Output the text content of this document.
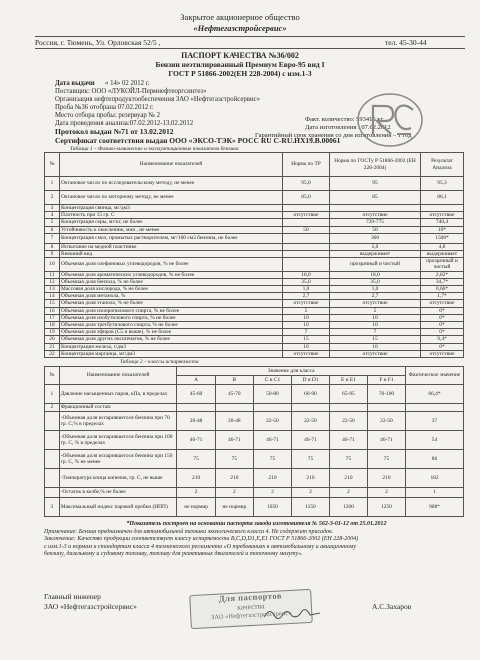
Закрытое акционерное общество
«Нефтегазстройсервис»
Россия, г. Тюмень, Ул. Орловская 52/5 ,	тел. 45-30-44
ПАСПОРТ КАЧЕСТВА №36/002
Бензин неэтилированный Премиум Евро-95 вид I
ГОСТ Р 51866-2002(ЕН 228-2004) с изм.1-3
Дата выдачи « 14» 02 2012 г.
Поставщик: ООО «ЛУКОЙЛ-Пермнефтеоргсинтез»
Организация нефтепродуктообеспечения ЗАО «Нефтегазстройсервис»
Проба №36 отобрана 07.02.2012 г.
Место отбора пробы: резервуар № 2
Дата проведения анализа:07.02.2012-13.02.2012
Протокол выдан №71 от 13.02.2012
Сертификат соответствия выдан ООО «ЭКСО-ТЭК» РОСС RU С-RU.НХ19.В.00061
Факт. количество: 593416 кг
Дата изготовления : 07.02.2012
Гарантийный срок хранения со дня изготовления – 1 год
Таблица 1 – Физико-химические и эксплуатационные показатели бензина
№	Наименование показателей	Норма по ТР	Норма по ГОСТу Р 51866-2002 (ЕН 228-2004)	Результат Анализа
1	Октановое число по исследовательскому методу, не менее	95,0	95	95,3
2	Октановое число по моторному методу, не менее	85,0	85	86,1
3	Концентрация свинца, мг/дм3			
4	Плотность при 15 гр. С	отсутствие	отсутствие	отсутствие
5	Концентрация серы, мг/кг, не более		720-775	740,4
6	Устойчивость к окислению, мин , не менее	50	50	10*
7	Концентрация смол, промытых растворителем, мг/100 см3 бензина, не более		360	1500*
8	Испытание на медной пластинке		5,0	4,8
9	Внешний вид		выдерживает	выдерживает
10	Объемная доля олефиновых углеводородов, % не более		прозрачный и чистый	прозрачный и чистый
11	Объемная доля ароматических углеводородов, % не более	18,0	18,0	2,82*
12	Объемная доля бензола, % не более	35,0	35,0	34,7*
13	Массовая доля кислорода, % не более	1,0	1,0	0,66*
14	Объемная доля метанола, %	2,7	2,7	1,7*
15	Объемная доля этанола, % не более	отсутствие	отсутствие	отсутствие
16	Объемная доля изопропилового спирта, % не более	5	5	0*
17	Объемная доля изобутилового спирта, % не более	10	10	0*
18	Объемная доля третбутилового спирта, % не более	10	10	0*
19	Объемная доля эфиров (С5 и выше), % не более	7	7	0*
20	Объемная доля других оксигенатов, % не более	15	15	9,4*
21	Концентрация железа, г/дм3	10	10	0*
22	Концентрация марганца, мг/дм3	отсутствие	отсутствие	отсутствие
Таблица 2 – классы испаряемости
№	Наименование показателей	Значение для класса						Фактическое значение
		A	B	C и C1	D и D1	E и E1	F и F1	
1	Давление насыщенных паров, кПа, в пределах	45-60	45-70	50-80	60-90	65-95	70-100	66,4*
2	Фракционный состав:							
	-Объемная доля испарившегося бензина при 70 гр. С,% в пределах	20-48	20-48	22-50	22-50	22-50	22-50	37
	-Объемная доля испарившегося бензина при 100 гр. С, % в пределах	46-71	46-71	46-71	46-71	46-71	46-71	54
	-Объемная доля испарившегося бензина при 150 гр. С, % не менее	75	75	75	75	75	75	86
	-Температура конца кипения, гр. С, не выше	210	210	210	210	210	210	182
	-Остаток в колбе,% не более	2	2	2	2	2	2	1
3	Максимальный индекс паровой пробки (ИПП)	не нормир	не нормир	1050	1150	1200	1250	908*
*Показатель построен на основании паспорта завода изготовителя № 562-3-01-12 от 25.01.2012
Примечание: Бензин предназначен для автомобильной техники экологического класса 4. Не содержит присадок.
Заключение: Качество продукции соответствует классу испаряемости B,C,D,D1,E,E1 ГОСТ Р 51866-2002 (ЕН 228-2004)
с изм.1-3 и нормам и стандартам класса 4 технического регламента «О требованиях к автомобильному и авиационному
бензину, дизельному и судовому топливу, топливу для реактивных двигателей и топочному мазуту».
Главный инженер
ЗАО «Нефтегазстройсервис»	А.С.Захаров
Для паспортов
качества
ЗАО «Нефтегазстройсервис»
